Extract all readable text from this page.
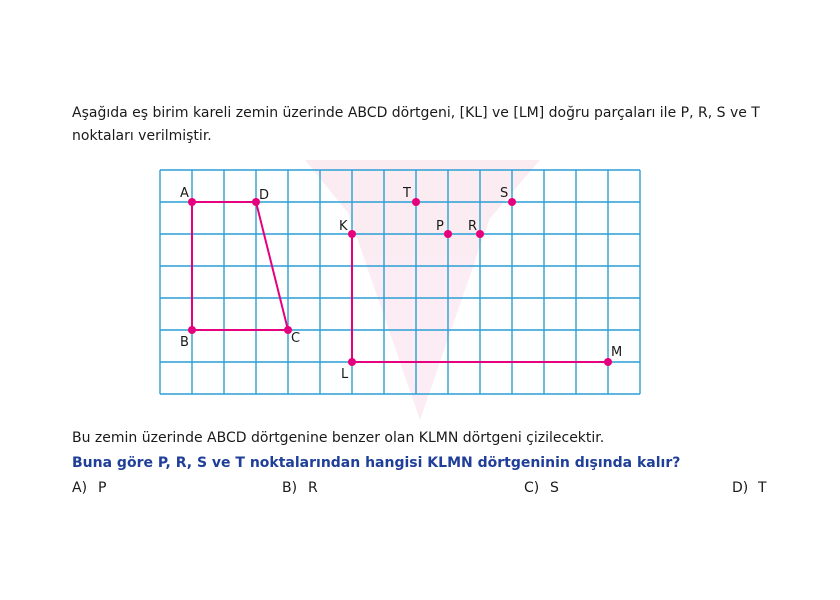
Aşağıda eş birim kareli zemin üzerinde ABCD dörtgeni, [KL] ve [LM] doğru parçaları ile P, R, S ve T
noktaları verilmiştir.
A	D
C
B
K
L
M
T	S
P R
Bu zemin üzerinde ABCD dörtgenine benzer olan KLMN dörtgeni çizilecektir.
Buna göre P, R, S ve T noktalarından hangisi KLMN dörtgeninin dışında kalır?
A) P	B) R	C) S	D) T
